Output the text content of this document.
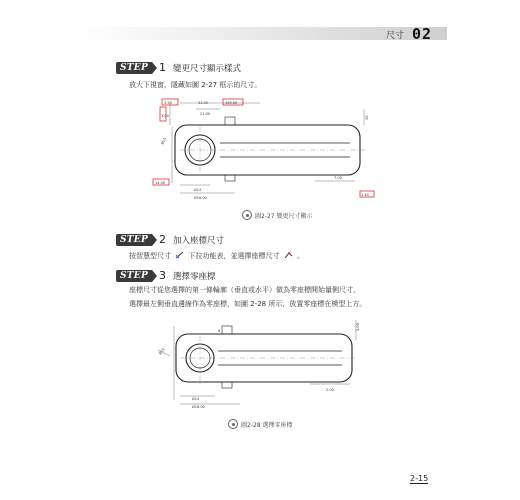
尺寸 02
STEP	1 變更尺寸顯示樣式
放大下視窗，隱藏如圖 2-27 框示的尺寸。
3.50	105.00
31.00
21.00
3.00
14.00
3.40
Ø15
Ø14
Ø16.00
7.00
30
圖2-27 變更尺寸顯示
STEP	2 加入座標尺寸
按智慧型尺寸 下拉功能表，並選擇座標尺寸 。
STEP	3 選擇零座標
座標尺寸從您選擇的第一條輪廓（垂直或水平）做為零座標開始量側尺寸，
選擇最左側垂直邊線作為零座標，如圖 2-28 所示，放置零座標在模型上方。
Ø15
1.00
2.00
Ø14
Ø16.00
6
圖2-28 選擇零座標
2-15
